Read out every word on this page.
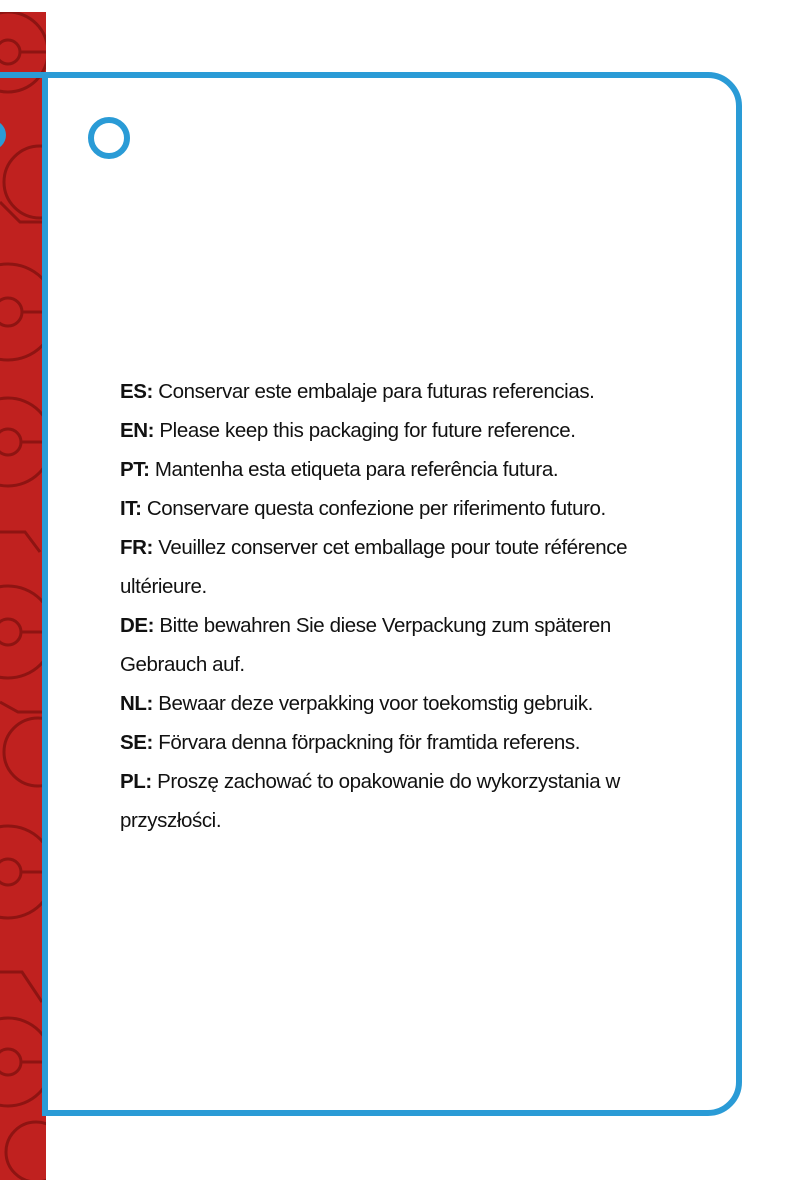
ES: Conservar este embalaje para futuras referencias.

EN: Please keep this packaging for future reference.

PT: Mantenha esta etiqueta para referência futura.

IT: Conservare questa confezione per riferimento futuro.

FR: Veuillez conserver cet emballage pour toute référence

ultérieure.

DE: Bitte bewahren Sie diese Verpackung zum späteren

Gebrauch auf.

NL: Bewaar deze verpakking voor toekomstig gebruik.

SE: Förvara denna förpackning för framtida referens.

PL: Proszę zachować to opakowanie do wykorzystania w

przyszłości.
